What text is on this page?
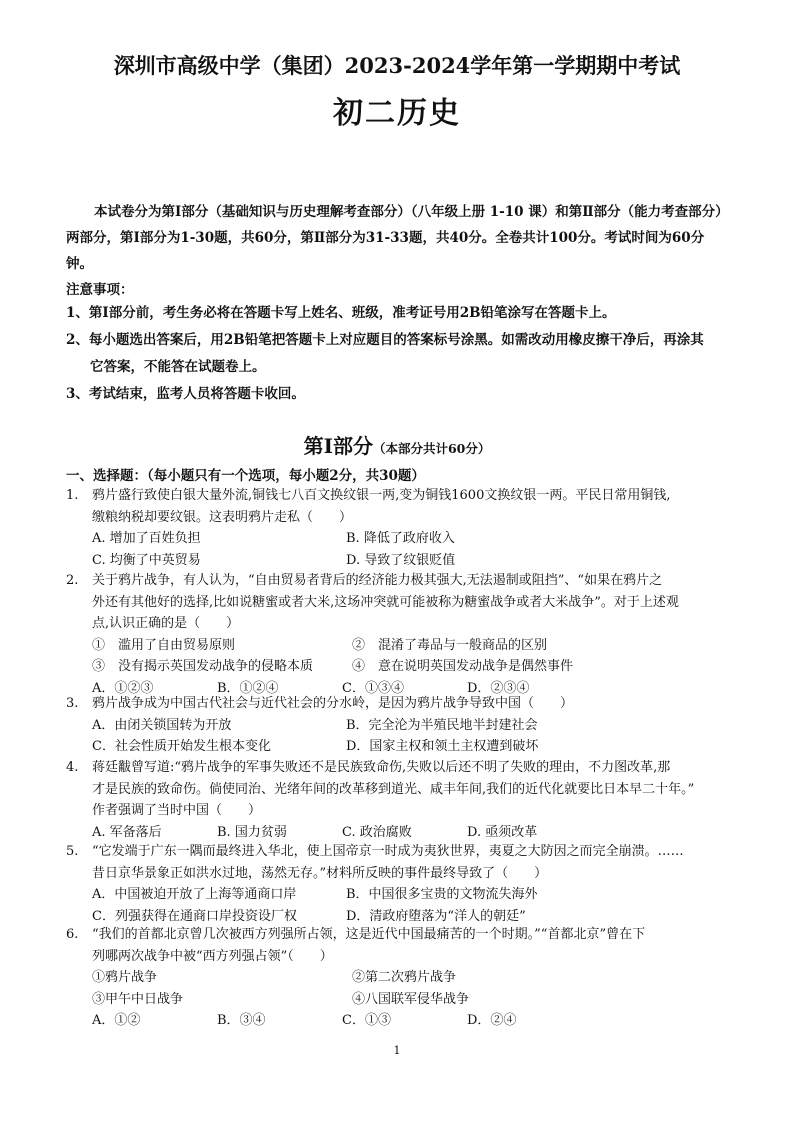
深圳市高级中学（集团）2023-2024学年第一学期期中考试
初二历史
本试卷分为第Ⅰ部分（基础知识与历史理解考查部分）（八年级上册 1-10 课）和第Ⅱ部分（能力考查部分）两部分，第Ⅰ部分为1-30题，共60分，第Ⅱ部分为31-33题，共40分。全卷共计100分。考试时间为60分钟。
注意事项：
1、第Ⅰ部分前，考生务必将在答题卡写上姓名、班级，准考证号用2B铅笔涂写在答题卡上。
2、每小题选出答案后，用2B铅笔把答题卡上对应题目的答案标号涂黑。如需改动用橡皮擦干净后，再涂其
它答案，不能答在试题卷上。
3、考试结束，监考人员将答题卡收回。
第Ⅰ部分（本部分共计60分）
一、选择题：（每小题只有一个选项，每小题2分，共30题）
1.	鸦片盛行致使白银大量外流,铜钱七八百文换纹银一两,变为铜钱1600文换纹银一两。平民日常用铜钱,
缴粮纳税却要纹银。这表明鸦片走私（　　）
A. 增加了百姓负担	B. 降低了政府收入
C. 均衡了中英贸易	D. 导致了纹银贬值
2.	关于鸦片战争，有人认为，“自由贸易者背后的经济能力极其强大,无法遏制或阻挡”、“如果在鸦片之
外还有其他好的选择,比如说糖蜜或者大米,这场冲突就可能被称为糖蜜战争或者大米战争”。对于上述观
点,认识正确的是（　　）
①　滥用了自由贸易原则	②　混淆了毒品与一般商品的区别
③　没有揭示英国发动战争的侵略本质	④　意在说明英国发动战争是偶然事件
A．①②③	B．①②④	C．①③④	D．②③④
3.	鸦片战争成为中国古代社会与近代社会的分水岭，是因为鸦片战争导致中国（　　）
A．由闭关锁国转为开放	B．完全沦为半殖民地半封建社会
C．社会性质开始发生根本变化	D．国家主权和领土主权遭到破坏
4.	蒋廷黻曾写道:“鸦片战争的军事失败还不是民族致命伤,失败以后还不明了失败的理由，不力图改革,那
才是民族的致命伤。倘使同治、光绪年间的改革移到道光、咸丰年间,我们的近代化就要比日本早二十年。”
作者强调了当时中国（　　）
A. 军备落后	B. 国力贫弱	C. 政治腐败	D. 亟须改革
5.	“它发端于广东一隅而最终进入华北，使上国帝京一时成为夷狄世界，夷夏之大防因之而完全崩溃。……
昔日京华景象正如洪水过地，荡然无存。”材料所反映的事件最终导致了（　　）
A．中国被迫开放了上海等通商口岸	B．中国很多宝贵的文物流失海外
C．列强获得在通商口岸投资设厂权	D．清政府堕落为“洋人的朝廷”
6.	“我们的首都北京曾几次被西方列强所占领，这是近代中国最痛苦的一个时期。”“首都北京”曾在下
列哪两次战争中被“西方列强占领”（　　）
①鸦片战争	②第二次鸦片战争
③甲午中日战争	④八国联军侵华战争
A．①②	B．③④	C．①③	D．②④
1
